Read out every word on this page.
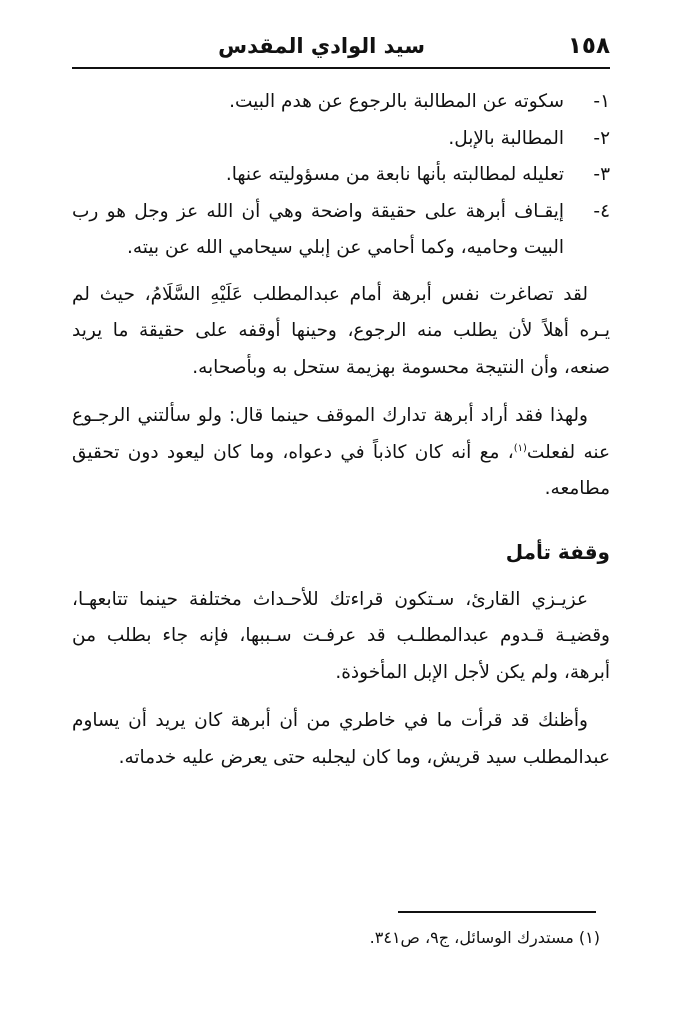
١٥٨
سيد الوادي المقدس
١-
سكوته عن المطالبة بالرجوع عن هدم البيت.
٢-
المطالبة بالإبل.
٣-
تعليله لمطالبته بأنها نابعة من مسؤوليته عنها.
٤-
إيقـاف أبرهة على حقيقة واضحة وهي أن الله عز وجل هو رب البيت وحاميه، وكما أحامي عن إبلي سيحامي الله عن بيته.

لقد تصاغرت نفس أبرهة أمام عبدالمطلب عَلَيْهِ السَّلَامُ، حيث لم يـره أهلاً لأن يطلب منه الرجوع، وحينها أوقفه على حقيقة ما يريد صنعه، وأن النتيجة محسومة بهزيمة ستحل به وبأصحابه.

ولهذا فقد أراد أبرهة تدارك الموقف حينما قال: ولو سألتني الرجـوع عنه لفعلت$^{(١)}$، مع أنه كان كاذباً في دعواه، وما كان ليعود دون تحقيق مطامعه.

وقفة تأمل

عزيـزي القارئ، سـتكون قراءتك للأحـداث مختلفة حينما تتابعهـا، وقضيـة قـدوم عبدالمطلـب قد عرفـت سـببها، فإنه جاء بطلب من أبرهة، ولم يكن لأجل الإبل المأخوذة.

وأظنك قد قرأت ما في خاطري من أن أبرهة كان يريد أن يساوم عبدالمطلب سيد قريش، وما كان ليجلبه حتى يعرض عليه خدماته.

(١) مستدرك الوسائل، ج٩، ص٣٤١.
